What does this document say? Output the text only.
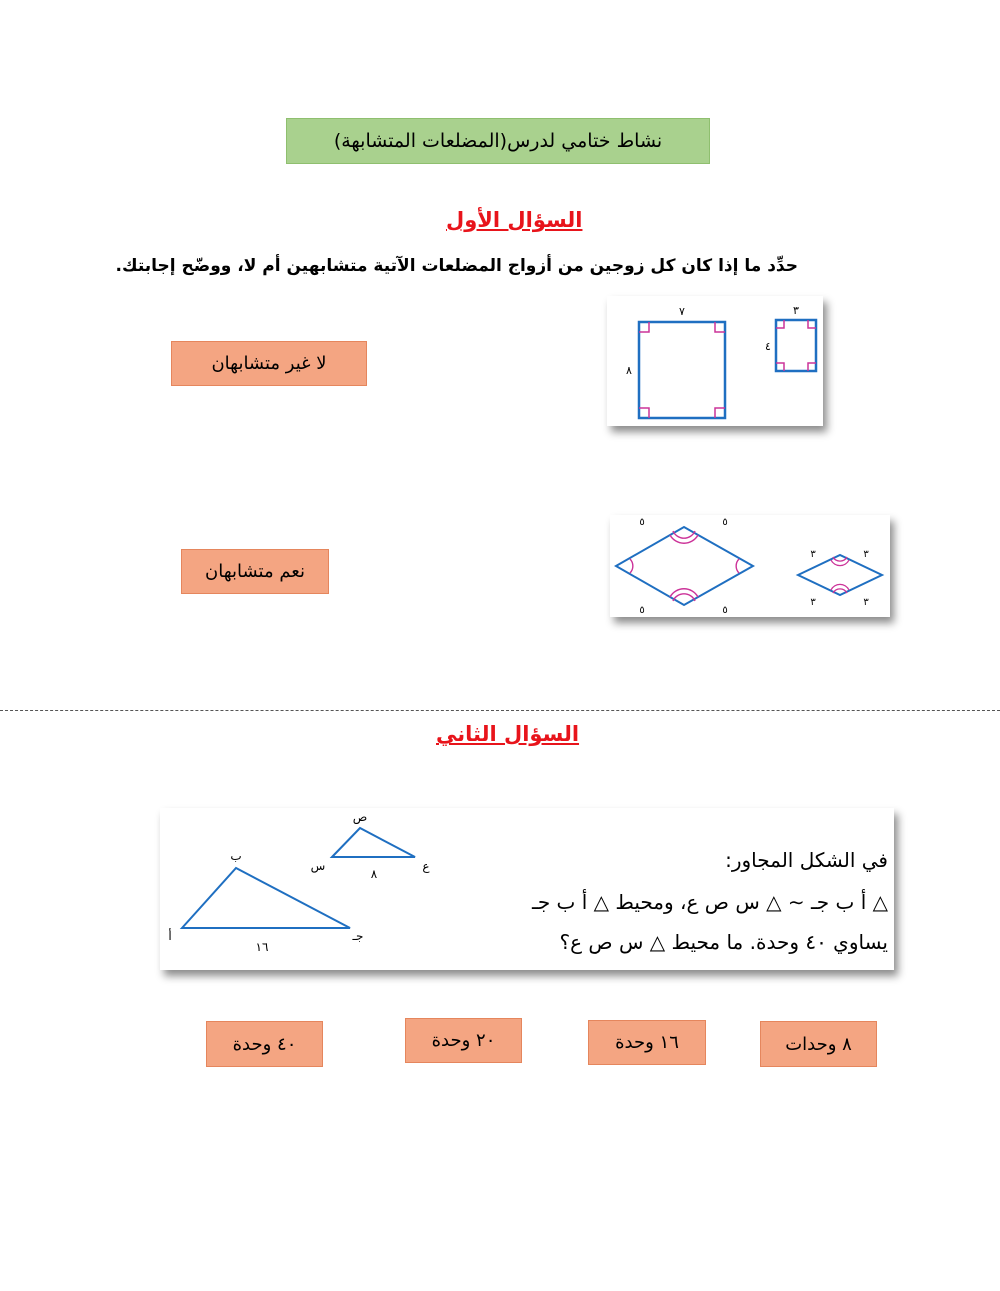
نشاط ختامي لدرس(المضلعات المتشابهة)
السؤال الأول
حدِّد ما إذا كان كل زوجين من أزواج المضلعات الآتية متشابهين أم لا، ووضّح إجابتك.
لا غير متشابهان
٧
٨
٣
٤
نعم متشابهان
٥	٥
٥	٥
٣	٣
٣	٣
السؤال الثاني
أ
ب
جـ
١٦
س
ص
ع
٨
في الشكل المجاور:
△ أ ب جـ ∽ △ س ص ع، ومحيط △ أ ب جـ
يساوي ٤٠ وحدة. ما محيط △ س ص ع؟
٨ وحدات
١٦ وحدة
٢٠ وحدة
٤٠ وحدة
